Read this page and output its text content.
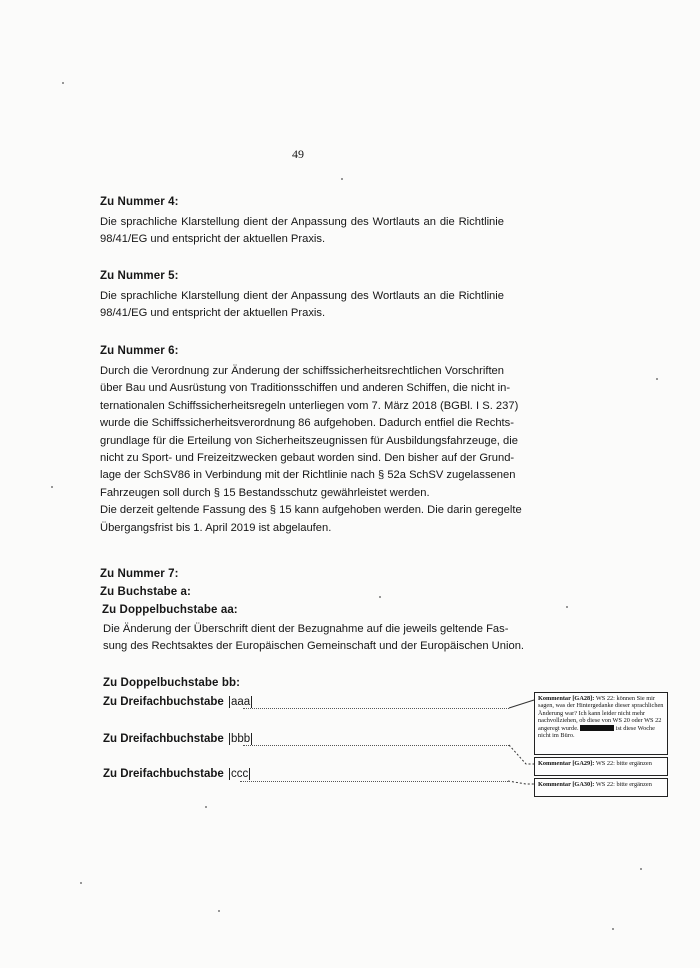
49
Zu Nummer 4:
Die sprachliche Klarstellung dient der Anpassung des Wortlauts an die Richtlinie
98/41/EG und entspricht der aktuellen Praxis.
Zu Nummer 5:
Die sprachliche Klarstellung dient der Anpassung des Wortlauts an die Richtlinie
98/41/EG und entspricht der aktuellen Praxis.
Zu Nummer 6:
Durch die Verordnung zur Änderung der schiffssicherheitsrechtlichen Vorschriften
über Bau und Ausrüstung von Traditionsschiffen und anderen Schiffen, die nicht in-
ternationalen Schiffssicherheitsregeln unterliegen vom 7. März 2018 (BGBl. I S. 237)
wurde die Schiffssicherheitsverordnung 86 aufgehoben. Dadurch entfiel die Rechts-
grundlage für die Erteilung von Sicherheitszeugnissen für Ausbildungsfahrzeuge, die
nicht zu Sport- und Freizeitzwecken gebaut worden sind. Den bisher auf der Grund-
lage der SchSV86 in Verbindung mit der Richtlinie nach § 52a SchSV zugelassenen
Fahrzeugen soll durch § 15 Bestandsschutz gewährleistet werden.
Die derzeit geltende Fassung des § 15 kann aufgehoben werden. Die darin geregelte
Übergangsfrist bis 1. April 2019 ist abgelaufen.
Zu Nummer 7:
Zu Buchstabe a:
Zu Doppelbuchstabe aa:
Die Änderung der Überschrift dient der Bezugnahme auf die jeweils geltende Fas-
sung des Rechtsaktes der Europäischen Gemeinschaft und der Europäischen Union.
Zu Doppelbuchstabe bb:
Zu Dreifachbuchstabe aaa
Zu Dreifachbuchstabe bbb
Zu Dreifachbuchstabe ccc
Kommentar [GA28]: WS 22: können Sie mir sagen, was der Hintergedanke dieser sprachlichen Änderung war? Ich kann leider nicht mehr nachvollziehen, ob diese von WS 20 oder WS 22 angeregt wurde.	ist diese Woche nicht im Büro.
Kommentar [GA29]: WS 22: bitte ergänzen
Kommentar [GA30]: WS 22: bitte ergänzen
